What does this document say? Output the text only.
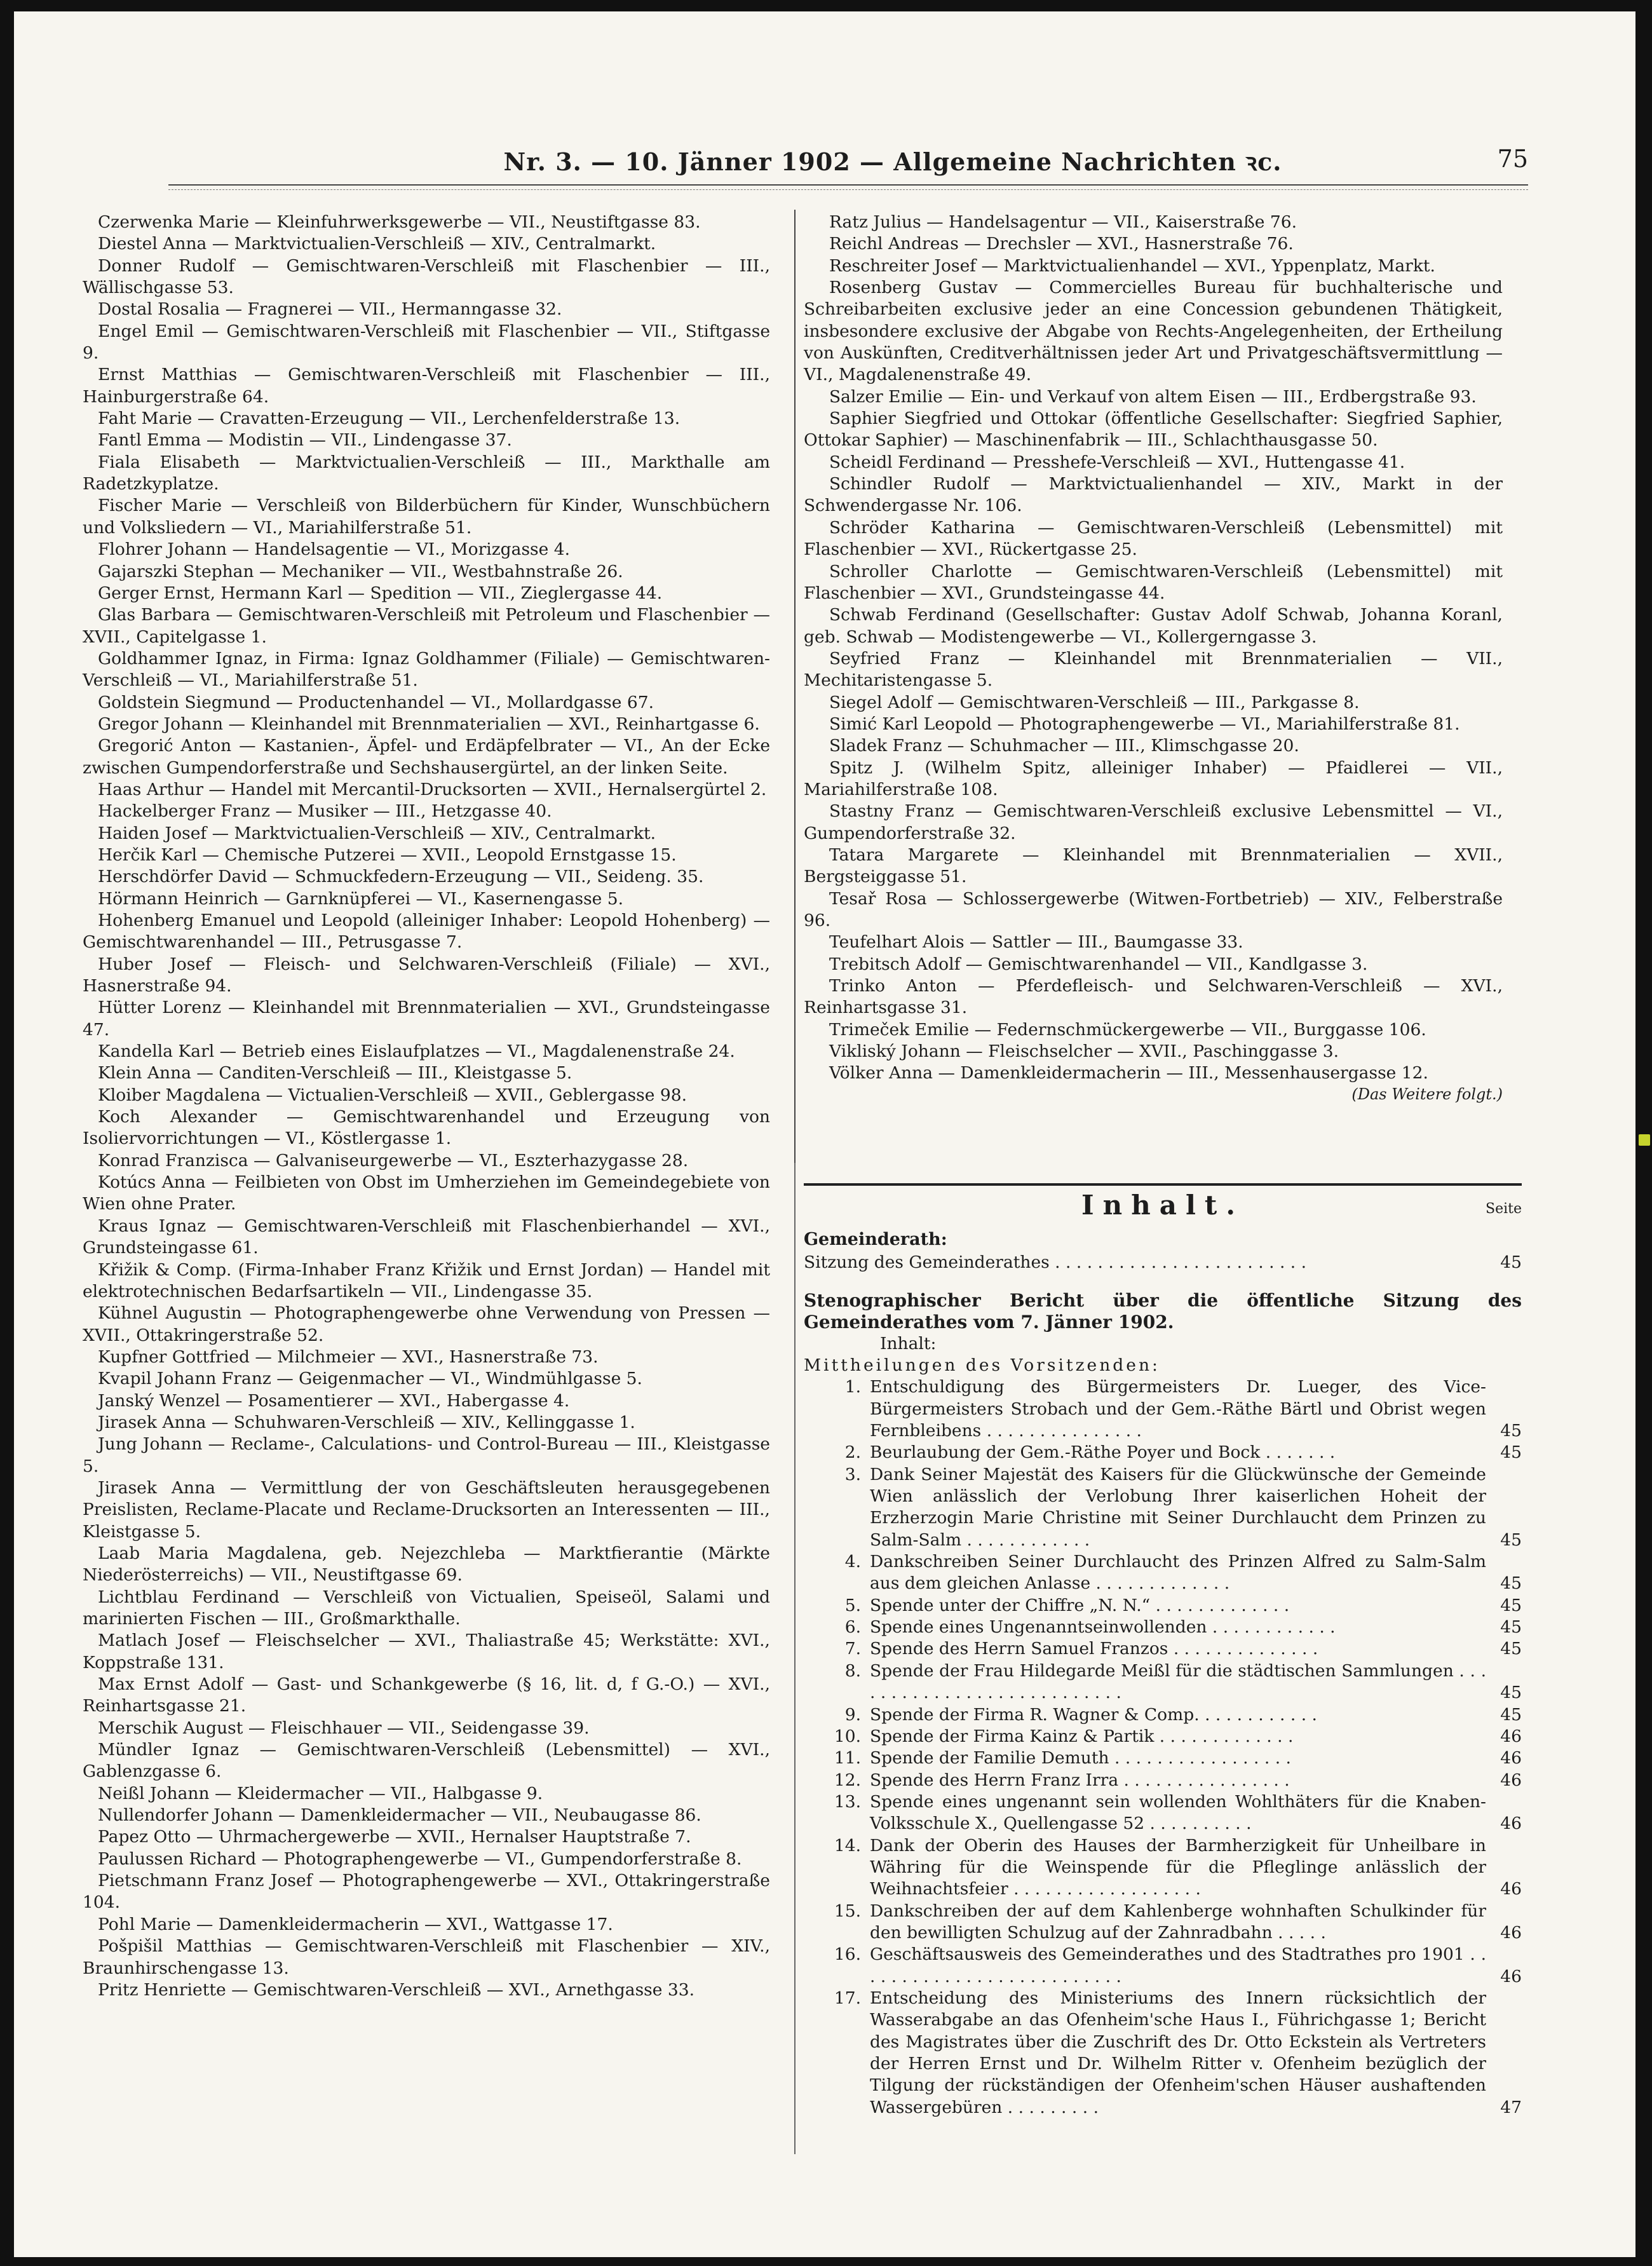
Nr. 3. — 10. Jänner 1902 — Allgemeine Nachrichten ꝛc.	75

Czerwenka Marie — Kleinfuhrwerksgewerbe — VII., Neustiftgasse 83.

Diestel Anna — Marktvictualien-Verschleiß — XIV., Centralmarkt.

Donner Rudolf — Gemischtwaren-Verschleiß mit Flaschenbier — III., Wällischgasse 53.

Dostal Rosalia — Fragnerei — VII., Hermanngasse 32.

Engel Emil — Gemischtwaren-Verschleiß mit Flaschenbier — VII., Stiftgasse 9.

Ernst Matthias — Gemischtwaren-Verschleiß mit Flaschenbier — III., Hainburgerstraße 64.

Faht Marie — Cravatten-Erzeugung — VII., Lerchenfelderstraße 13.

Fantl Emma — Modistin — VII., Lindengasse 37.

Fiala Elisabeth — Marktvictualien-Verschleiß — III., Markthalle am Radetzkyplatze.

Fischer Marie — Verschleiß von Bilderbüchern für Kinder, Wunschbüchern und Volksliedern — VI., Mariahilferstraße 51.

Flohrer Johann — Handelsagentie — VI., Morizgasse 4.

Gajarszki Stephan — Mechaniker — VII., Westbahnstraße 26.

Gerger Ernst, Hermann Karl — Spedition — VII., Zieglergasse 44.

Glas Barbara — Gemischtwaren-Verschleiß mit Petroleum und Flaschenbier — XVII., Capitelgasse 1.

Goldhammer Ignaz, in Firma: Ignaz Goldhammer (Filiale) — Gemischtwaren-Verschleiß — VI., Mariahilferstraße 51.

Goldstein Siegmund — Productenhandel — VI., Mollardgasse 67.

Gregor Johann — Kleinhandel mit Brennmaterialien — XVI., Reinhartgasse 6.

Gregorić Anton — Kastanien-, Äpfel- und Erdäpfelbrater — VI., An der Ecke zwischen Gumpendorferstraße und Sechshausergürtel, an der linken Seite.

Haas Arthur — Handel mit Mercantil-Drucksorten — XVII., Hernalsergürtel 2.

Hackelberger Franz — Musiker — III., Hetzgasse 40.

Haiden Josef — Marktvictualien-Verschleiß — XIV., Centralmarkt.

Herčik Karl — Chemische Putzerei — XVII., Leopold Ernstgasse 15.

Herschdörfer David — Schmuckfedern-Erzeugung — VII., Seideng. 35.

Hörmann Heinrich — Garnknüpferei — VI., Kasernengasse 5.

Hohenberg Emanuel und Leopold (alleiniger Inhaber: Leopold Hohenberg) — Gemischtwarenhandel — III., Petrusgasse 7.

Huber Josef — Fleisch- und Selchwaren-Verschleiß (Filiale) — XVI., Hasnerstraße 94.

Hütter Lorenz — Kleinhandel mit Brennmaterialien — XVI., Grundsteingasse 47.

Kandella Karl — Betrieb eines Eislaufplatzes — VI., Magdalenenstraße 24.

Klein Anna — Canditen-Verschleiß — III., Kleistgasse 5.

Kloiber Magdalena — Victualien-Verschleiß — XVII., Geblergasse 98.

Koch Alexander — Gemischtwarenhandel und Erzeugung von Isoliervorrichtungen — VI., Köstlergasse 1.

Konrad Franzisca — Galvaniseurgewerbe — VI., Eszterhazygasse 28.

Kotúcs Anna — Feilbieten von Obst im Umherziehen im Gemeindegebiete von Wien ohne Prater.

Kraus Ignaz — Gemischtwaren-Verschleiß mit Flaschenbierhandel — XVI., Grundsteingasse 61.

Křižik & Comp. (Firma-Inhaber Franz Křižik und Ernst Jordan) — Handel mit elektrotechnischen Bedarfsartikeln — VII., Lindengasse 35.

Kühnel Augustin — Photographengewerbe ohne Verwendung von Pressen — XVII., Ottakringerstraße 52.

Kupfner Gottfried — Milchmeier — XVI., Hasnerstraße 73.

Kvapil Johann Franz — Geigenmacher — VI., Windmühlgasse 5.

Janský Wenzel — Posamentierer — XVI., Habergasse 4.

Jirasek Anna — Schuhwaren-Verschleiß — XIV., Kellinggasse 1.

Jung Johann — Reclame-, Calculations- und Control-Bureau — III., Kleistgasse 5.

Jirasek Anna — Vermittlung der von Geschäftsleuten herausgegebenen Preislisten, Reclame-Placate und Reclame-Drucksorten an Interessenten — III., Kleistgasse 5.

Laab Maria Magdalena, geb. Nejezchleba — Marktfierantie (Märkte Niederösterreichs) — VII., Neustiftgasse 69.

Lichtblau Ferdinand — Verschleiß von Victualien, Speiseöl, Salami und marinierten Fischen — III., Großmarkthalle.

Matlach Josef — Fleischselcher — XVI., Thaliastraße 45; Werkstätte: XVI., Koppstraße 131.

Max Ernst Adolf — Gast- und Schankgewerbe (§ 16, lit. d, f G.-O.) — XVI., Reinhartsgasse 21.

Merschik August — Fleischhauer — VII., Seidengasse 39.

Mündler Ignaz — Gemischtwaren-Verschleiß (Lebensmittel) — XVI., Gablenzgasse 6.

Neißl Johann — Kleidermacher — VII., Halbgasse 9.

Nullendorfer Johann — Damenkleidermacher — VII., Neubaugasse 86.

Papez Otto — Uhrmachergewerbe — XVII., Hernalser Hauptstraße 7.

Paulussen Richard — Photographengewerbe — VI., Gumpendorferstraße 8.

Pietschmann Franz Josef — Photographengewerbe — XVI., Ottakringerstraße 104.

Pohl Marie — Damenkleidermacherin — XVI., Wattgasse 17.

Pošpišil Matthias — Gemischtwaren-Verschleiß mit Flaschenbier — XIV., Braunhirschengasse 13.

Pritz Henriette — Gemischtwaren-Verschleiß — XVI., Arnethgasse 33.

Ratz Julius — Handelsagentur — VII., Kaiserstraße 76.

Reichl Andreas — Drechsler — XVI., Hasnerstraße 76.

Reschreiter Josef — Marktvictualienhandel — XVI., Yppenplatz, Markt.

Rosenberg Gustav — Commercielles Bureau für buchhalterische und Schreibarbeiten exclusive jeder an eine Concession gebundenen Thätigkeit, insbesondere exclusive der Abgabe von Rechts-Angelegenheiten, der Ertheilung von Auskünften, Creditverhältnissen jeder Art und Privatgeschäftsvermittlung — VI., Magdalenenstraße 49.

Salzer Emilie — Ein- und Verkauf von altem Eisen — III., Erdbergstraße 93.

Saphier Siegfried und Ottokar (öffentliche Gesellschafter: Siegfried Saphier, Ottokar Saphier) — Maschinenfabrik — III., Schlachthausgasse 50.

Scheidl Ferdinand — Presshefe-Verschleiß — XVI., Huttengasse 41.

Schindler Rudolf — Marktvictualienhandel — XIV., Markt in der Schwendergasse Nr. 106.

Schröder Katharina — Gemischtwaren-Verschleiß (Lebensmittel) mit Flaschenbier — XVI., Rückertgasse 25.

Schroller Charlotte — Gemischtwaren-Verschleiß (Lebensmittel) mit Flaschenbier — XVI., Grundsteingasse 44.

Schwab Ferdinand (Gesellschafter: Gustav Adolf Schwab, Johanna Koranl, geb. Schwab — Modistengewerbe — VI., Kollergerngasse 3.

Seyfried Franz — Kleinhandel mit Brennmaterialien — VII., Mechitaristengasse 5.

Siegel Adolf — Gemischtwaren-Verschleiß — III., Parkgasse 8.

Simić Karl Leopold — Photographengewerbe — VI., Mariahilferstraße 81.

Sladek Franz — Schuhmacher — III., Klimschgasse 20.

Spitz J. (Wilhelm Spitz, alleiniger Inhaber) — Pfaidlerei — VII., Mariahilferstraße 108.

Stastny Franz — Gemischtwaren-Verschleiß exclusive Lebensmittel — VI., Gumpendorferstraße 32.

Tatara Margarete — Kleinhandel mit Brennmaterialien — XVII., Bergsteiggasse 51.

Tesař Rosa — Schlossergewerbe (Witwen-Fortbetrieb) — XIV., Felberstraße 96.

Teufelhart Alois — Sattler — III., Baumgasse 33.

Trebitsch Adolf — Gemischtwarenhandel — VII., Kandlgasse 3.

Trinko Anton — Pferdefleisch- und Selchwaren-Verschleiß — XVI., Reinhartsgasse 31.

Trimeček Emilie — Federnschmückergewerbe — VII., Burggasse 106.

Vikliský Johann — Fleischselcher — XVII., Paschinggasse 3.

Völker Anna — Damenkleidermacherin — III., Messenhausergasse 12.

(Das Weitere folgt.)
Inhalt.	Seite
Gemeinderath:
Sitzung des Gemeinderathes . . . . . . . . . . . . . . . . . . . . . . . .	45
Stenographischer Bericht über die öffentliche Sitzung des Gemeinderathes vom 7. Jänner 1902.
Inhalt:
Mittheilungen des Vorsitzenden:
1. Entschuldigung des Bürgermeisters Dr. Lueger, des Vice-Bürgermeisters Strobach und der Gem.-Räthe Bärtl und Obrist wegen Fernbleibens . . . . . . . . . . . . . . .	45
2. Beurlaubung der Gem.-Räthe Poyer und Bock . . . . . . .	45
3. Dank Seiner Majestät des Kaisers für die Glückwünsche der Gemeinde Wien anlässlich der Verlobung Ihrer kaiserlichen Hoheit der Erzherzogin Marie Christine mit Seiner Durchlaucht dem Prinzen zu Salm-Salm . . . . . . . . . . . .	45
4. Dankschreiben Seiner Durchlaucht des Prinzen Alfred zu Salm-Salm aus dem gleichen Anlasse . . . . . . . . . . . . .	45
5. Spende unter der Chiffre „N. N.“ . . . . . . . . . . . . .	45
6. Spende eines Ungenanntseinwollenden . . . . . . . . . . . .	45
7. Spende des Herrn Samuel Franzos . . . . . . . . . . . . . .	45
8. Spende der Frau Hildegarde Meißl für die städtischen Sammlungen . . . . . . . . . . . . . . . . . . . . . . . . . . .	45
9. Spende der Firma R. Wagner & Comp. . . . . . . . . . . .	45
10. Spende der Firma Kainz & Partik . . . . . . . . . . . . .	46
11. Spende der Familie Demuth . . . . . . . . . . . . . . . . .	46
12. Spende des Herrn Franz Irra . . . . . . . . . . . . . . . .	46
13. Spende eines ungenannt sein wollenden Wohlthäters für die Knaben-Volksschule X., Quellengasse 52 . . . . . . . . . .	46
14. Dank der Oberin des Hauses der Barmherzigkeit für Unheilbare in Währing für die Weinspende für die Pfleglinge anlässlich der Weihnachtsfeier . . . . . . . . . . . . . . . . . .	46
15. Dankschreiben der auf dem Kahlenberge wohnhaften Schulkinder für den bewilligten Schulzug auf der Zahnradbahn . . . . .	46
16. Geschäftsausweis des Gemeinderathes und des Stadtrathes pro 1901 . . . . . . . . . . . . . . . . . . . . . . . . . .	46
17. Entscheidung des Ministeriums des Innern rücksichtlich der Wasserabgabe an das Ofenheim'sche Haus I., Führichgasse 1; Bericht des Magistrates über die Zuschrift des Dr. Otto Eckstein als Vertreters der Herren Ernst und Dr. Wilhelm Ritter v. Ofenheim bezüglich der Tilgung der rückständigen der Ofenheim'schen Häuser aushaftenden Wassergebüren . . . . . . . . .	47
